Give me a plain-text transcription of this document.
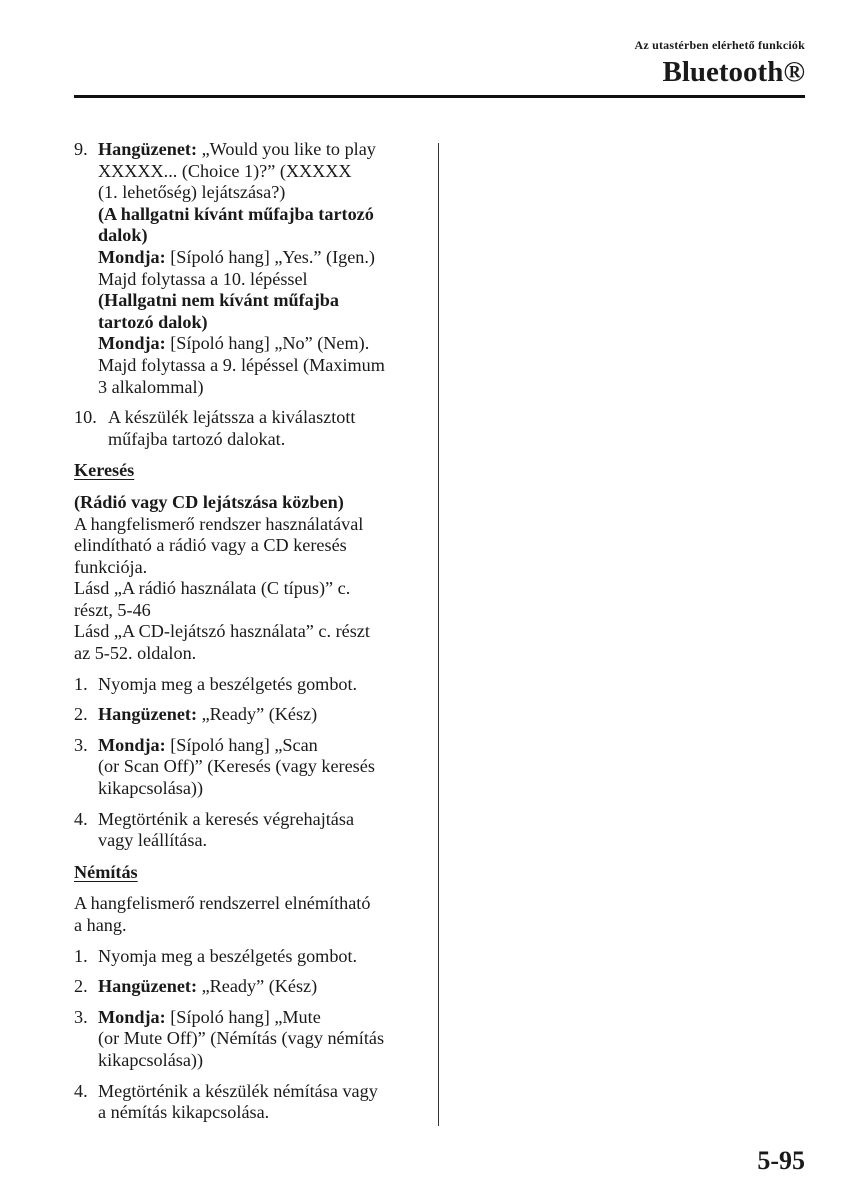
Az utastérben elérhető funkciók
Bluetooth®
9. Hangüzenet: „Would you like to play
XXXXX... (Choice 1)?” (XXXXX
(1. lehetőség) lejátszása?)
(A hallgatni kívánt műfajba tartozó
dalok)
Mondja: [Sípoló hang] „Yes.” (Igen.)
Majd folytassa a 10. lépéssel
(Hallgatni nem kívánt műfajba
tartozó dalok)
Mondja: [Sípoló hang] „No” (Nem).
Majd folytassa a 9. lépéssel (Maximum
3 alkalommal)
10. A készülék lejátssza a kiválasztott
műfajba tartozó dalokat.
Keresés
(Rádió vagy CD lejátszása közben)
A hangfelismerő rendszer használatával
elindítható a rádió vagy a CD keresés
funkciója.
Lásd „A rádió használata (C típus)” c.
részt, 5-46
Lásd „A CD-lejátszó használata” c. részt
az 5-52. oldalon.
1. Nyomja meg a beszélgetés gombot.
2. Hangüzenet: „Ready” (Kész)
3. Mondja: [Sípoló hang] „Scan
(or Scan Off)” (Keresés (vagy keresés
kikapcsolása))
4. Megtörténik a keresés végrehajtása
vagy leállítása.
Némítás
A hangfelismerő rendszerrel elnémítható
a hang.
1. Nyomja meg a beszélgetés gombot.
2. Hangüzenet: „Ready” (Kész)
3. Mondja: [Sípoló hang] „Mute
(or Mute Off)” (Némítás (vagy némítás
kikapcsolása))
4. Megtörténik a készülék némítása vagy
a némítás kikapcsolása.
5-95
